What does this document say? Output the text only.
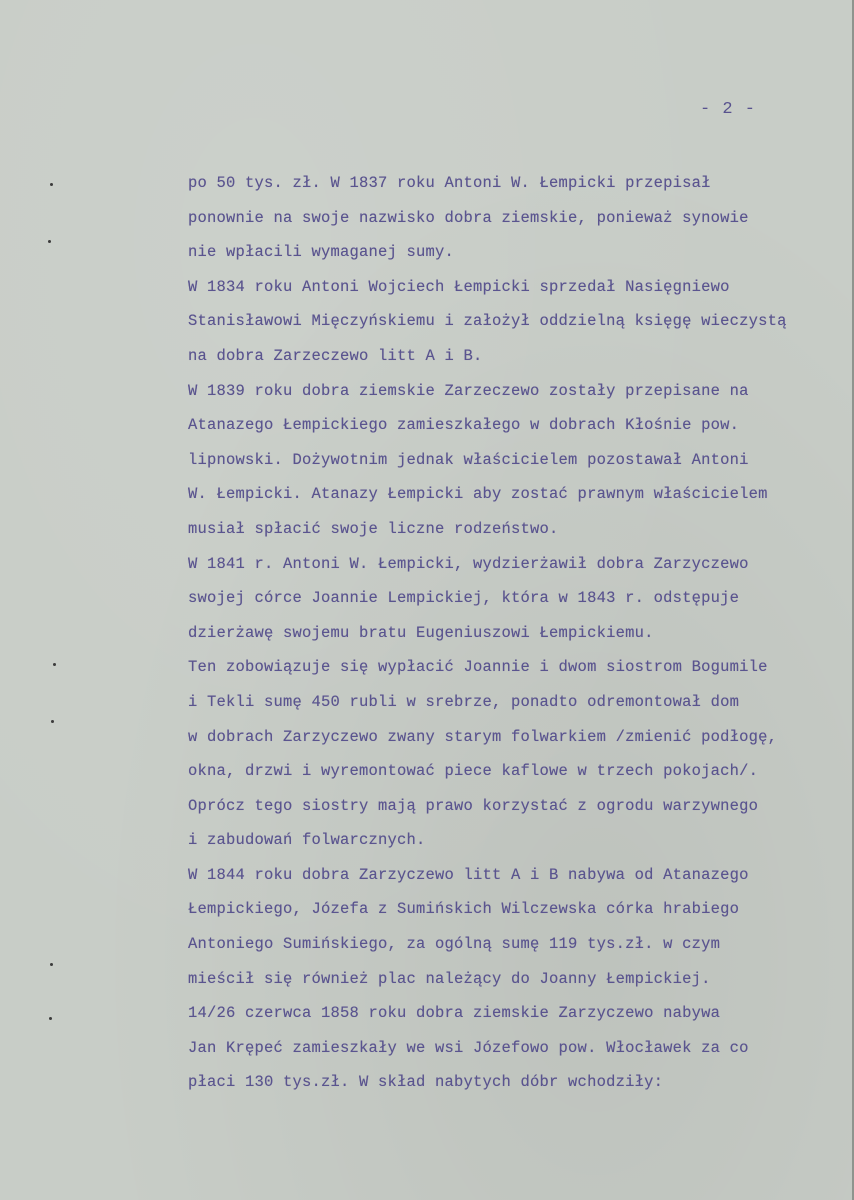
- 2 -
po 50 tys. zł. W 1837 roku Antoni W. Łempicki przepisał
ponownie na swoje nazwisko dobra ziemskie, ponieważ synowie
nie wpłacili wymaganej sumy.
W 1834 roku Antoni Wojciech Łempicki sprzedał Nasięgniewo
Stanisławowi Mięczyńskiemu i założył oddzielną księgę wieczystą
na dobra Zarzeczewo litt A i B.
W 1839 roku dobra ziemskie Zarzeczewo zostały przepisane na
Atanazego Łempickiego zamieszkałego w dobrach Kłośnie pow.
lipnowski. Dożywotnim jednak właścicielem pozostawał Antoni
W. Łempicki. Atanazy Łempicki aby zostać prawnym właścicielem
musiał spłacić swoje liczne rodzeństwo.
W 1841 r. Antoni W. Łempicki, wydzierżawił dobra Zarzyczewo
swojej córce Joannie Lempickiej, która w 1843 r. odstępuje
dzierżawę swojemu bratu Eugeniuszowi Łempickiemu.
Ten zobowiązuje się wypłacić Joannie i dwom siostrom Bogumile
i Tekli sumę 450 rubli w srebrze, ponadto odremontował dom
w dobrach Zarzyczewo zwany starym folwarkiem /zmienić podłogę,
okna, drzwi i wyremontować piece kaflowe w trzech pokojach/.
Oprócz tego siostry mają prawo korzystać z ogrodu warzywnego
i zabudowań folwarcznych.
W 1844 roku dobra Zarzyczewo litt A i B nabywa od Atanazego
Łempickiego, Józefa z Sumińskich Wilczewska córka hrabiego
Antoniego Sumińskiego, za ogólną sumę 119 tys.zł. w czym
mieścił się również plac należący do Joanny Łempickiej.
14/26 czerwca 1858 roku dobra ziemskie Zarzyczewo nabywa
Jan Krępeć zamieszkały we wsi Józefowo pow. Włocławek za co
płaci 130 tys.zł. W skład nabytych dóbr wchodziły:
